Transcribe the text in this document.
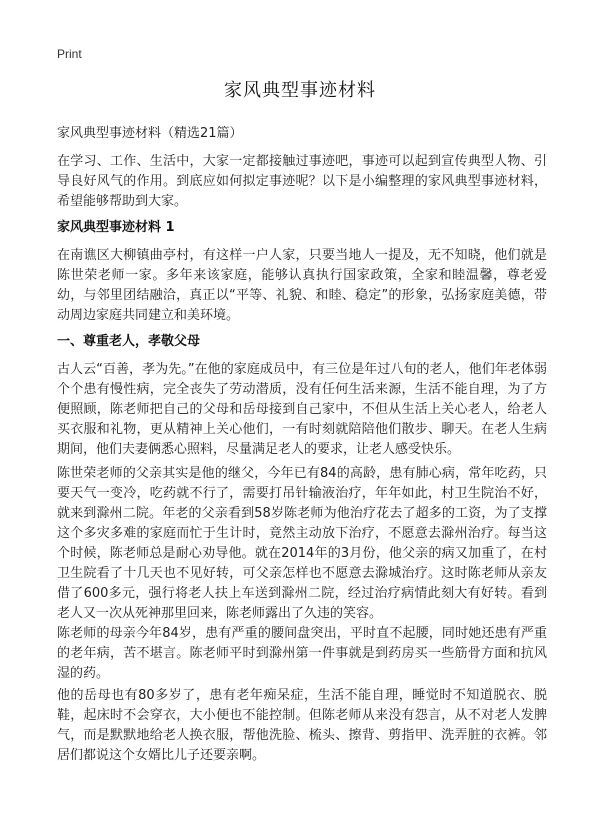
Print
家风典型事迹材料
家风典型事迹材料（精选21篇）
在学习、工作、生活中，大家一定都接触过事迹吧，事迹可以起到宣传典型人物、引导良好风气的作用。到底应如何拟定事迹呢？以下是小编整理的家风典型事迹材料，希望能够帮助到大家。
家风典型事迹材料 1
在南谯区大柳镇曲亭村，有这样一户人家，只要当地人一提及，无不知晓，他们就是陈世荣老师一家。多年来该家庭，能够认真执行国家政策，全家和睦温馨，尊老爱幼，与邻里团结融洽，真正以“平等、礼貌、和睦、稳定”的形象，弘扬家庭美德，带动周边家庭共同建立和美环境。
一、尊重老人，孝敬父母
古人云“百善，孝为先。”在他的家庭成员中，有三位是年过八旬的老人，他们年老体弱个个患有慢性病，完全丧失了劳动潜质，没有任何生活来源，生活不能自理，为了方便照顾，陈老师把自己的父母和岳母接到自己家中，不但从生活上关心老人，给老人买衣服和礼物，更从精神上关心他们，一有时刻就陪陪他们散步、聊天。在老人生病期间，他们夫妻俩悉心照料，尽量满足老人的要求，让老人感受快乐。
陈世荣老师的父亲其实是他的继父，今年已有84的高龄，患有肺心病，常年吃药，只要天气一变冷，吃药就不行了，需要打吊针输液治疗，年年如此，村卫生院治不好，就来到滁州二院。年老的父亲看到58岁陈老师为他治疗花去了超多的工资，为了支撑这个多灾多难的家庭而忙于生计时，竟然主动放下治疗，不愿意去滁州治疗。每当这个时候，陈老师总是耐心劝导他。就在2014年的3月份，他父亲的病又加重了，在村卫生院看了十几天也不见好转，可父亲怎样也不愿意去滁城治疗。这时陈老师从亲友借了600多元，强行将老人扶上车送到滁州二院，经过治疗病情此刻大有好转。看到老人又一次从死神那里回来，陈老师露出了久违的笑容。
陈老师的母亲今年84岁，患有严重的腰间盘突出，平时直不起腰，同时她还患有严重的老年病，苦不堪言。陈老师平时到滁州第一件事就是到药房买一些筋骨方面和抗风湿的药。
他的岳母也有80多岁了，患有老年痴呆症，生活不能自理，睡觉时不知道脱衣、脱鞋，起床时不会穿衣，大小便也不能控制。但陈老师从来没有怨言，从不对老人发脾气，而是默默地给老人换衣服，帮他洗脸、梳头、擦背、剪指甲、洗弄脏的衣裤。邻居们都说这个女婿比儿子还要亲啊。
